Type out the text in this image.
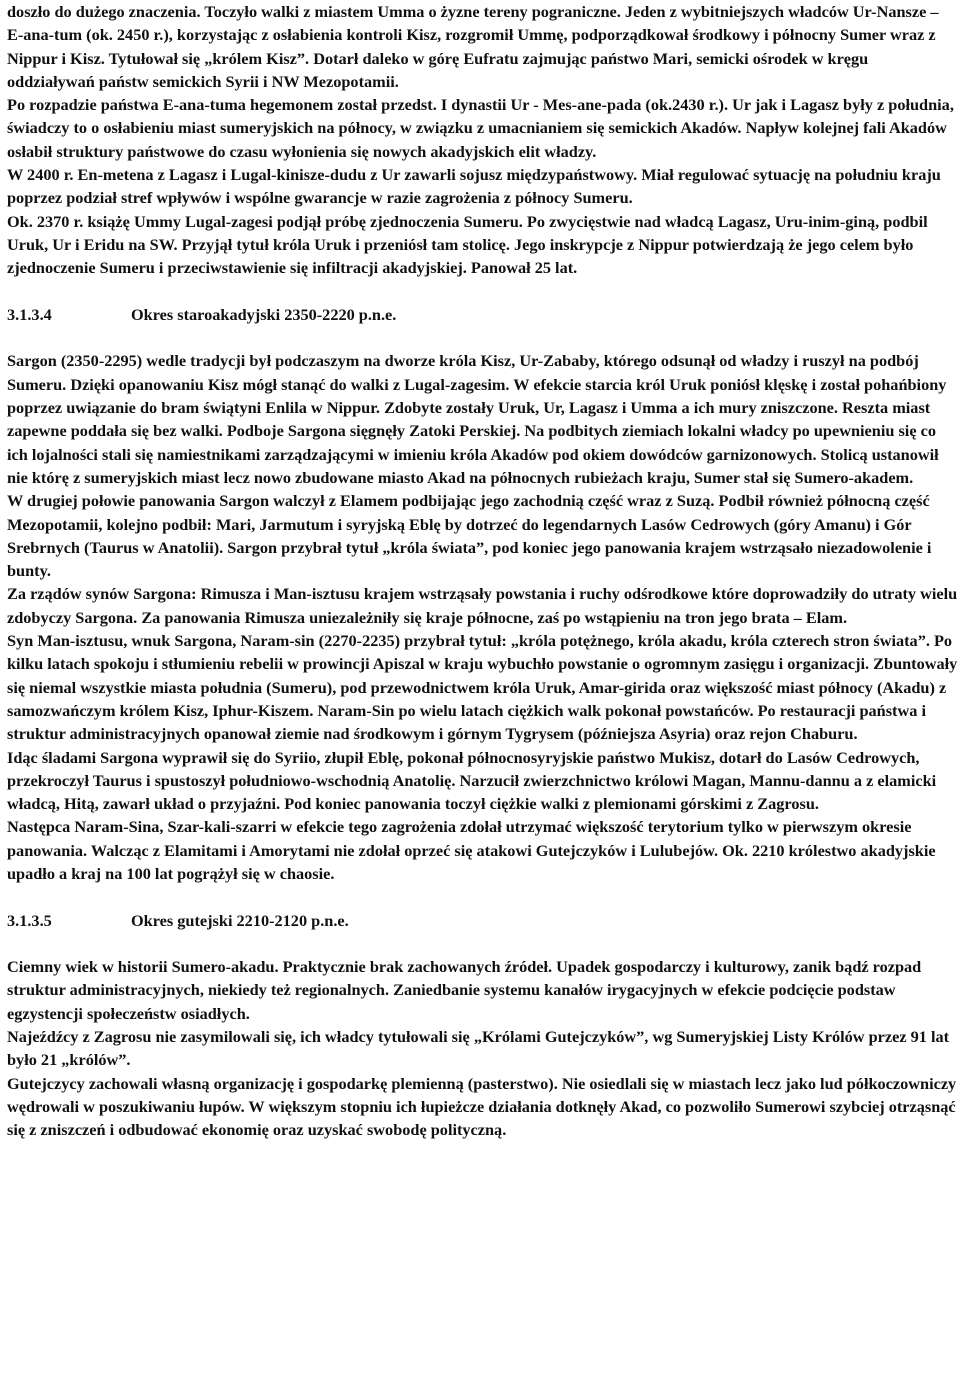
doszło do dużego znaczenia. Toczyło walki z miastem Umma o żyzne tereny pograniczne. Jeden z wybitniejszych władców Ur-Nansze – E-ana-tum (ok. 2450 r.), korzystając z osłabienia kontroli Kisz, rozgromił Ummę, podporządkował środkowy i północny Sumer wraz z Nippur i Kisz. Tytułował się „królem Kisz”. Dotarł daleko w górę Eufratu zajmując państwo Mari, semicki ośrodek w kręgu oddziaływań państw semickich Syrii i NW Mezopotamii.

Po rozpadzie państwa E-ana-tuma hegemonem został przedst. I dynastii Ur - Mes-ane-pada (ok.2430 r.). Ur jak i Lagasz były z południa, świadczy to o osłabieniu miast sumeryjskich na północy, w związku z umacnianiem się semickich Akadów. Napływ kolejnej fali Akadów osłabił struktury państwowe do czasu wyłonienia się nowych akadyjskich elit władzy.

W 2400 r. En-metena z Lagasz i Lugal-kinisze-dudu z Ur zawarli sojusz międzypaństwowy. Miał regulować sytuację na południu kraju poprzez podział stref wpływów i wspólne gwarancje w razie zagrożenia z północy Sumeru.

Ok. 2370 r. książę Ummy Lugal-zagesi podjął próbę zjednoczenia Sumeru. Po zwycięstwie nad władcą Lagasz, Uru-inim-giną, podbil Uruk, Ur i Eridu na SW. Przyjął tytuł króla Uruk i przeniósł tam stolicę. Jego inskrypcje z Nippur potwierdzają że jego celem było zjednoczenie Sumeru i przeciwstawienie się infiltracji akadyjskiej. Panował 25 lat.

3.1.3.4	Okres staroakadyjski 2350-2220 p.n.e.

Sargon (2350-2295) wedle tradycji był podczaszym na dworze króla Kisz, Ur-Zababy, którego odsunął od władzy i ruszył na podbój Sumeru. Dzięki opanowaniu Kisz mógł stanąć do walki z Lugal-zagesim. W efekcie starcia król Uruk poniósł klęskę i został pohańbiony poprzez uwiązanie do bram świątyni Enlila w Nippur. Zdobyte zostały Uruk, Ur, Lagasz i Umma a ich mury zniszczone. Reszta miast zapewne poddała się bez walki. Podboje Sargona sięgnęły Zatoki Perskiej. Na podbitych ziemiach lokalni władcy po upewnieniu się co ich lojalności stali się namiestnikami zarządzającymi w imieniu króla Akadów pod okiem dowódców garnizonowych. Stolicą ustanowił nie którę z sumeryjskich miast lecz nowo zbudowane miasto Akad na północnych rubieżach kraju, Sumer stał się Sumero-akadem.

W drugiej połowie panowania Sargon walczył z Elamem podbijając jego zachodnią część wraz z Suzą. Podbił również północną część Mezopotamii, kolejno podbił: Mari, Jarmutum i syryjską Eblę by dotrzeć do legendarnych Lasów Cedrowych (góry Amanu) i Gór Srebrnych (Taurus w Anatolii). Sargon przybrał tytuł „króla świata”, pod koniec jego panowania krajem wstrząsało niezadowolenie i bunty.

Za rządów synów Sargona: Rimusza i Man-isztusu krajem wstrząsały powstania i ruchy odśrodkowe które doprowadziły do utraty wielu zdobyczy Sargona. Za panowania Rimusza uniezależniły się kraje północne, zaś po wstąpieniu na tron jego brata – Elam.

Syn Man-isztusu, wnuk Sargona, Naram-sin (2270-2235) przybrał tytuł: „króla potężnego, króla akadu, króla czterech stron świata”. Po kilku latach spokoju i stłumieniu rebelii w prowincji Apiszal w kraju wybuchło powstanie o ogromnym zasięgu i organizacji. Zbuntowały się niemal wszystkie miasta południa (Sumeru), pod przewodnictwem króla Uruk, Amar-girida oraz większość miast północy (Akadu) z samozwańczym królem Kisz, Iphur-Kiszem. Naram-Sin po wielu latach ciężkich walk pokonał powstańców. Po restauracji państwa i struktur administracyjnych opanował ziemie nad środkowym i górnym Tygrysem (późniejsza Asyria) oraz rejon Chaburu.

Idąc śladami Sargona wyprawił się do Syriio, złupił Eblę, pokonał północnosyryjskie państwo Mukisz, dotarł do Lasów Cedrowych, przekroczył Taurus i spustoszył południowo-wschodnią Anatolię. Narzucił zwierzchnictwo królowi Magan, Mannu-dannu a z elamicki władcą, Hitą, zawarł układ o przyjaźni. Pod koniec panowania toczył ciężkie walki z plemionami górskimi z Zagrosu.

Następca Naram-Sina, Szar-kali-szarri w efekcie tego zagrożenia zdołał utrzymać większość terytorium tylko w pierwszym okresie panowania. Walcząc z Elamitami i Amorytami nie zdołał oprzeć się atakowi Gutejczyków i Lulubejów. Ok. 2210 królestwo akadyjskie upadło a kraj na 100 lat pogrążył się w chaosie.

3.1.3.5	Okres gutejski 2210-2120 p.n.e.

Ciemny wiek w historii Sumero-akadu. Praktycznie brak zachowanych źródeł. Upadek gospodarczy i kulturowy, zanik bądź rozpad struktur administracyjnych, niekiedy też regionalnych. Zaniedbanie systemu kanałów irygacyjnych w efekcie podcięcie podstaw egzystencji społeczeństw osiadłych.

Najeźdźcy z Zagrosu nie zasymilowali się, ich władcy tytułowali się „Królami Gutejczyków”, wg Sumeryjskiej Listy Królów przez 91 lat było 21 „królów”.

Gutejczycy zachowali własną organizację i gospodarkę plemienną (pasterstwo). Nie osiedlali się w miastach lecz jako lud półkoczowniczy wędrowali w poszukiwaniu łupów. W większym stopniu ich łupieżcze działania dotknęły Akad, co pozwoliło Sumerowi szybciej otrząsnąć się z zniszczeń i odbudować ekonomię oraz uzyskać swobodę polityczną.
